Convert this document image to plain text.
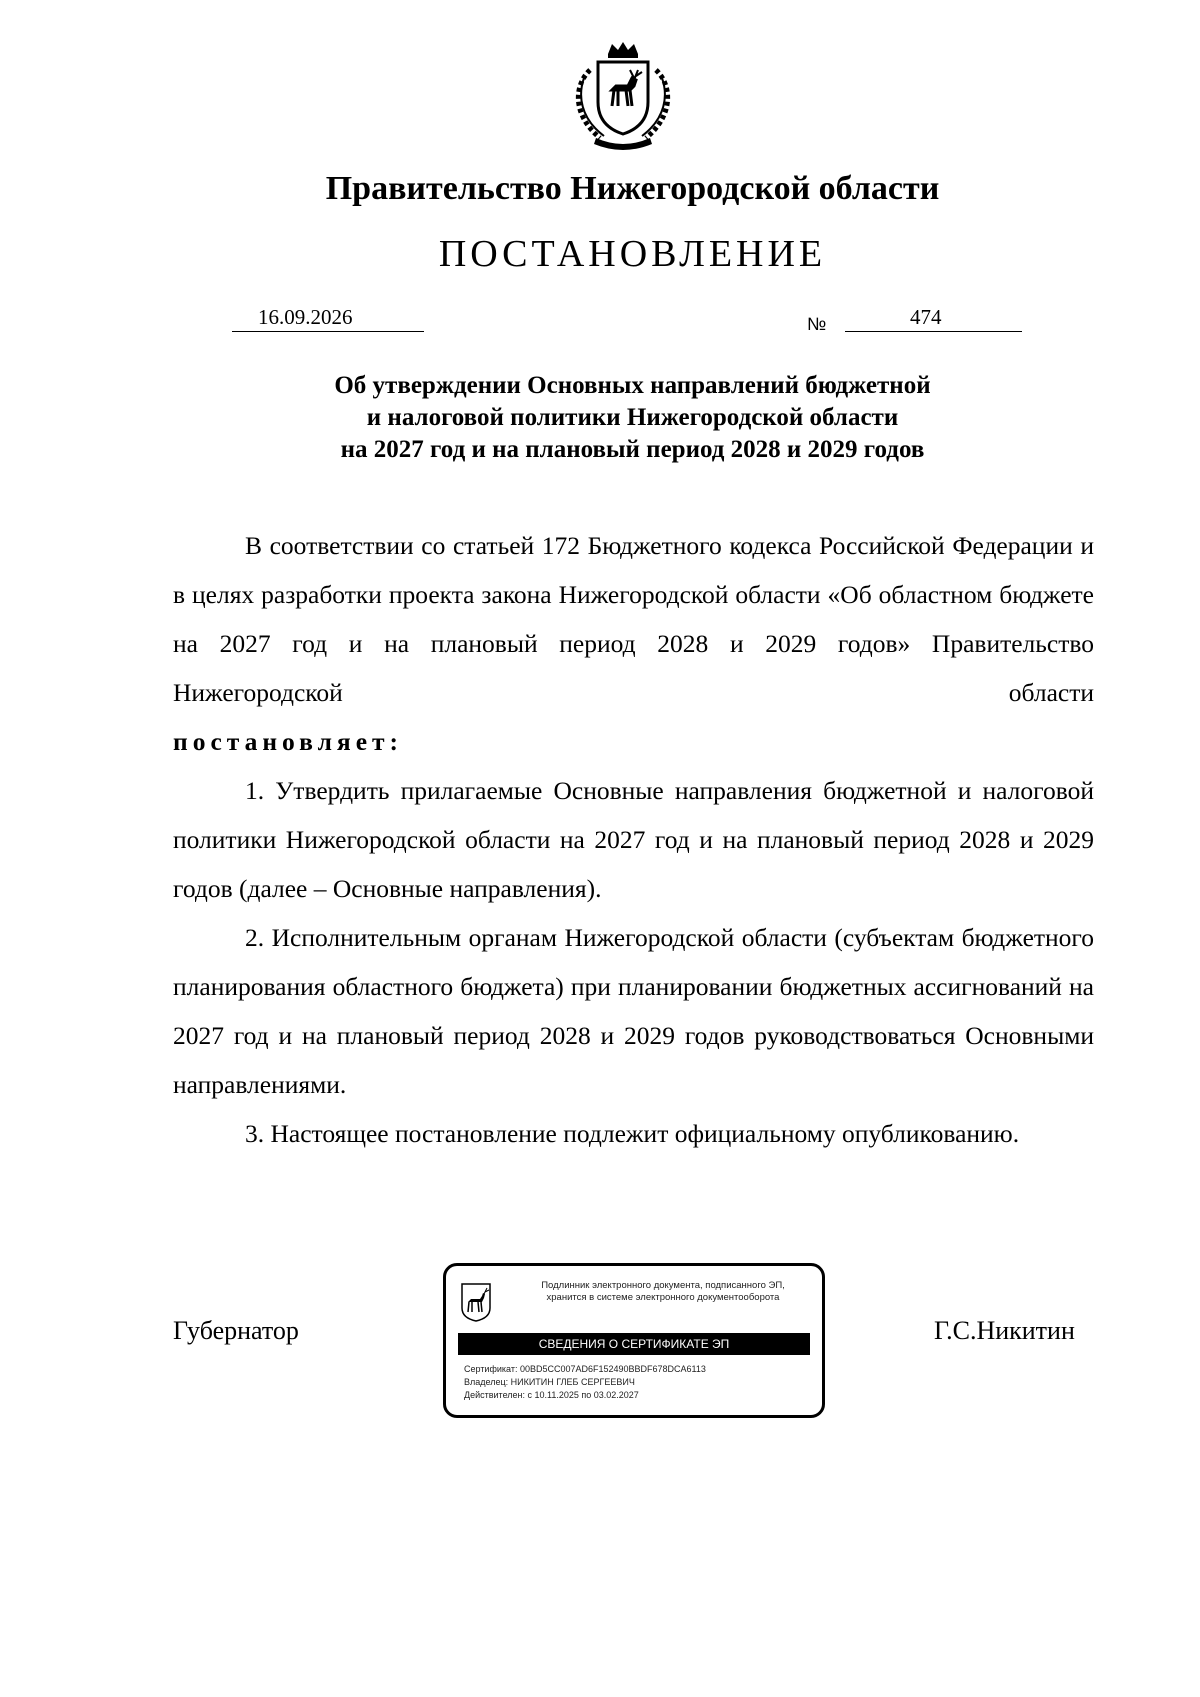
Правительство Нижегородской области
ПОСТАНОВЛЕНИЕ
16.09.2026	№	474
Об утверждении Основных направлений бюджетной
и налоговой политики Нижегородской области
на 2027 год и на плановый период 2028 и 2029 годов

В соответствии со статьей 172 Бюджетного кодекса Российской Федерации и в целях разработки проекта закона Нижегородской области «Об областном бюджете на 2027 год и на плановый период 2028 и 2029 годов» Правительство Нижегородской области

постановляет:

1. Утвердить прилагаемые Основные направления бюджетной и налоговой политики Нижегородской области на 2027 год и на плановый период 2028 и 2029 годов (далее – Основные направления).

2. Исполнительным органам Нижегородской области (субъектам бюджетного планирования областного бюджета) при планировании бюджетных ассигнований на 2027 год и на плановый период 2028 и 2029 годов руководствоваться Основными направлениями.

3. Настоящее постановление подлежит официальному опубликованию.

Губернатор	Г.С.Никитин
Подлинник электронного документа, подписанного ЭП,
хранится в системе электронного документооборота
СВЕДЕНИЯ О СЕРТИФИКАТЕ ЭП
Сертификат: 00BD5CC007AD6F152490BBDF678DCA6113
Владелец: НИКИТИН ГЛЕБ СЕРГЕЕВИЧ
Действителен: с 10.11.2025 по 03.02.2027
